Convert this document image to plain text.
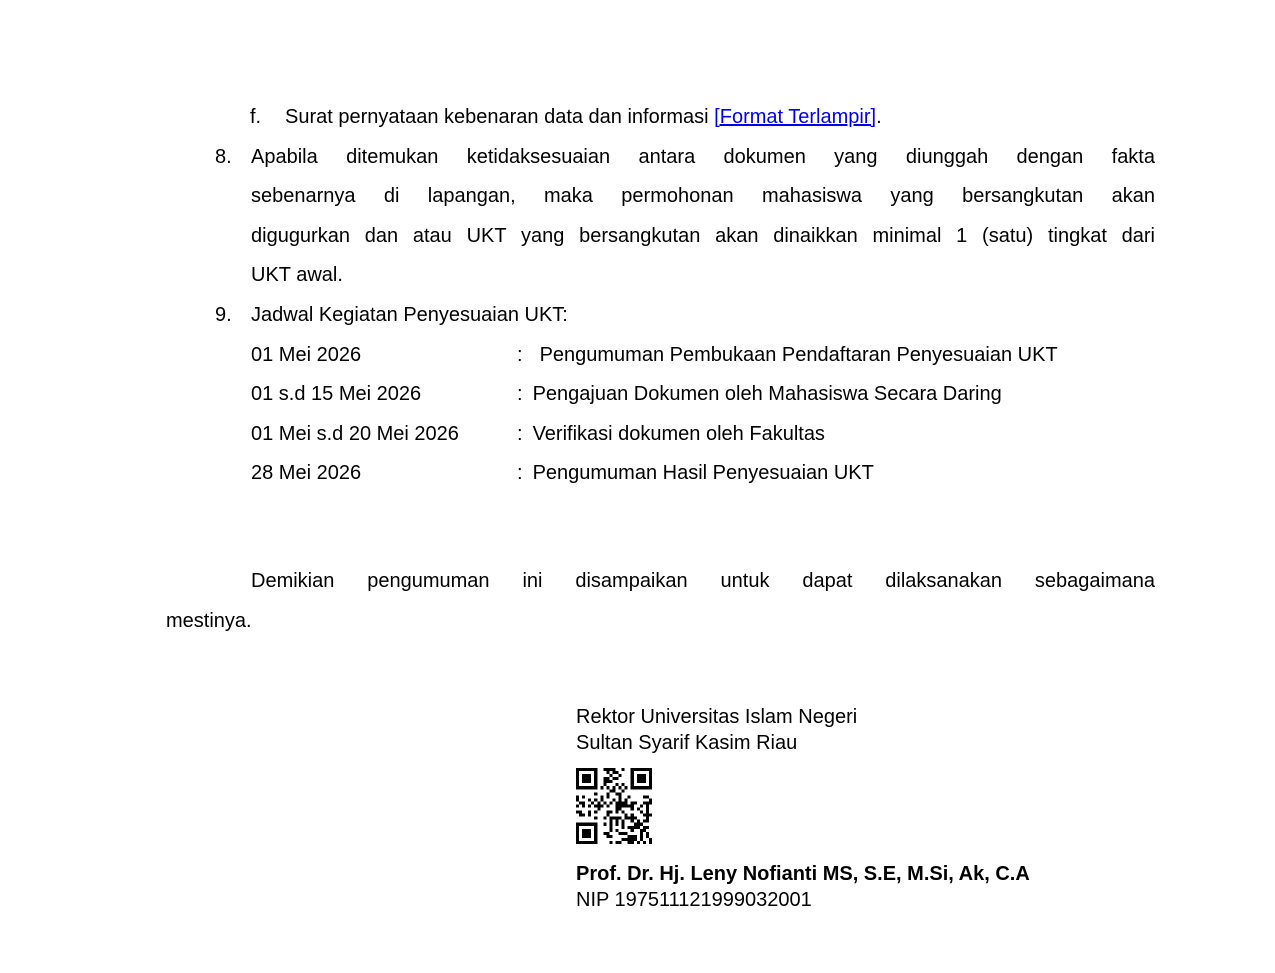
f. Surat pernyataan kebenaran data dan informasi [Format Terlampir].
8. Apabila ditemukan ketidaksesuaian antara dokumen yang diunggah dengan fakta
sebenarnya di lapangan, maka permohonan mahasiswa yang bersangkutan akan
digugurkan dan atau UKT yang bersangkutan akan dinaikkan minimal 1 (satu) tingkat dari
UKT awal.
9. Jadwal Kegiatan Penyesuaian UKT:
01 Mei 2026	: Pengumuman Pembukaan Pendaftaran Penyesuaian UKT
01 s.d 15 Mei 2026	: Pengajuan Dokumen oleh Mahasiswa Secara Daring
01 Mei s.d 20 Mei 2026	: Verifikasi dokumen oleh Fakultas
28 Mei 2026	: Pengumuman Hasil Penyesuaian UKT
Demikian pengumuman ini disampaikan untuk dapat dilaksanakan sebagaimana
mestinya.
Rektor Universitas Islam Negeri
Sultan Syarif Kasim Riau
Prof. Dr. Hj. Leny Nofianti MS, S.E, M.Si, Ak, C.A
NIP 197511121999032001
